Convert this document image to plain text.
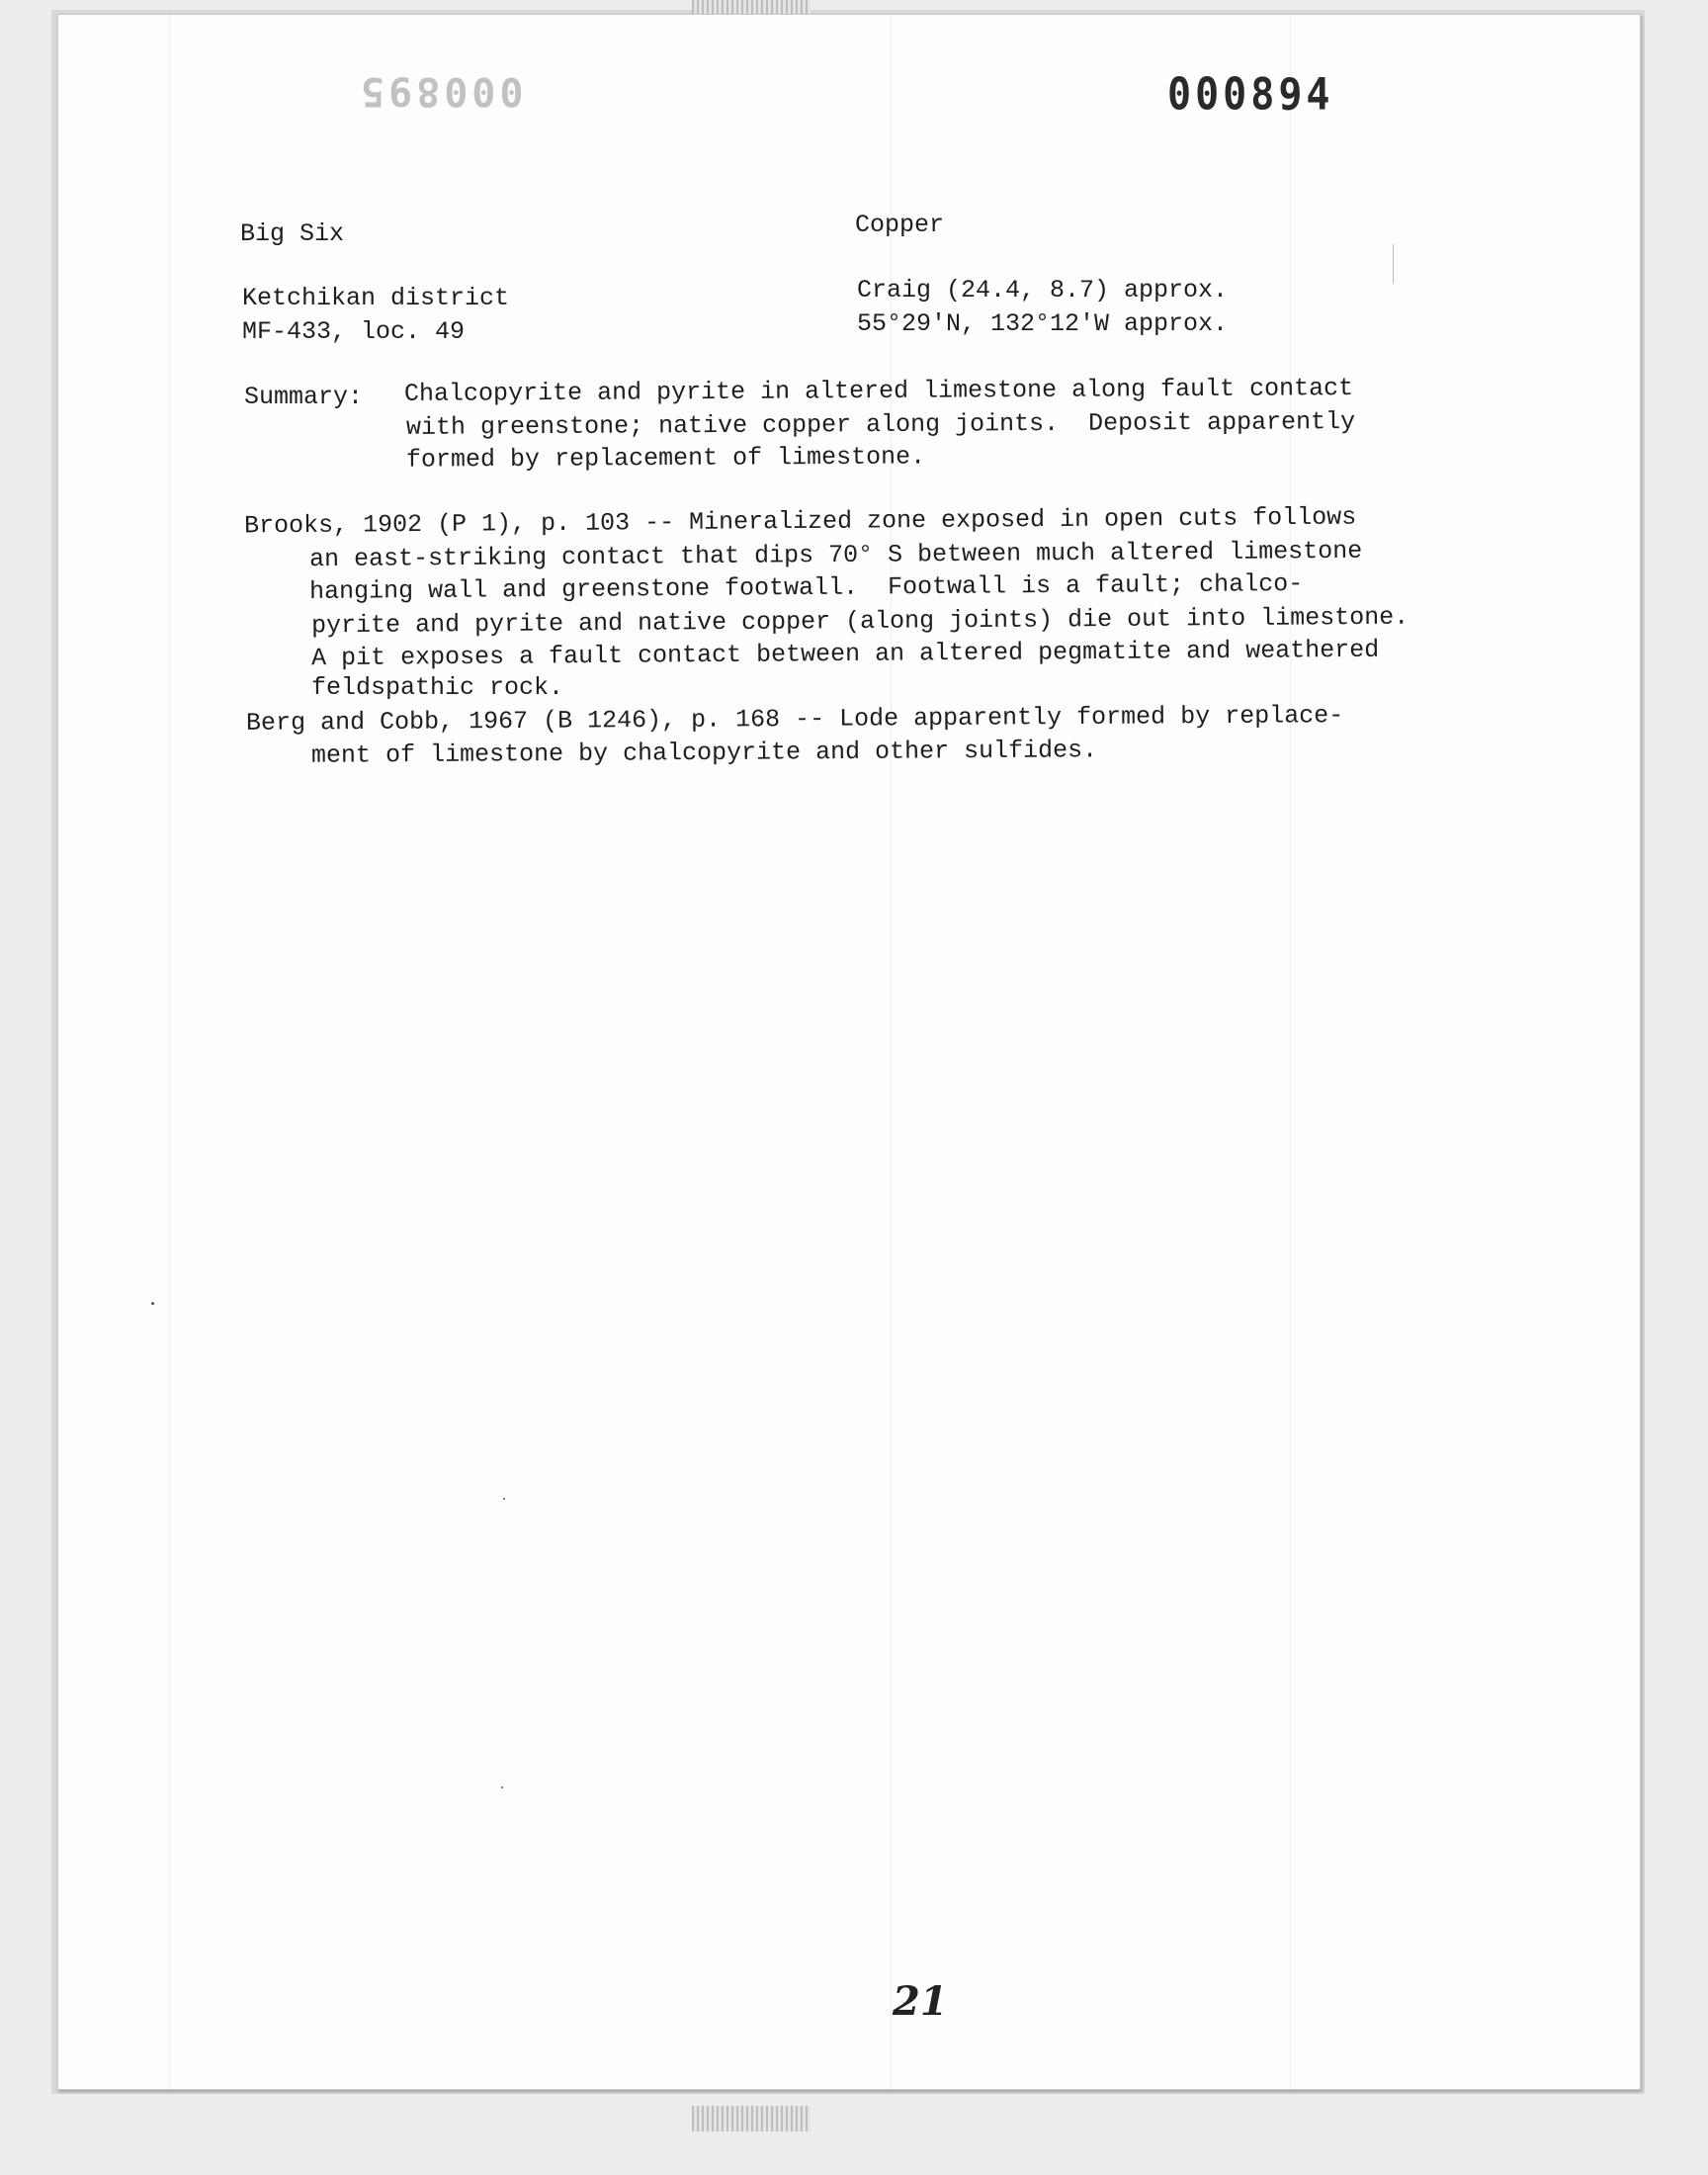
000895	000894
Big Six	Copper
Ketchikan district
MF-433, loc. 49
Craig (24.4, 8.7) approx.
55°29'N, 132°12'W approx.
Summary: Chalcopyrite and pyrite in altered limestone along fault contact
with greenstone; native copper along joints.  Deposit apparently
formed by replacement of limestone.
Brooks, 1902 (P 1), p. 103 -- Mineralized zone exposed in open cuts follows
an east-striking contact that dips 70° S between much altered limestone
hanging wall and greenstone footwall.  Footwall is a fault; chalco-
pyrite and pyrite and native copper (along joints) die out into limestone.
A pit exposes a fault contact between an altered pegmatite and weathered
feldspathic rock.
Berg and Cobb, 1967 (B 1246), p. 168 -- Lode apparently formed by replace-
ment of limestone by chalcopyrite and other sulfides.
21
